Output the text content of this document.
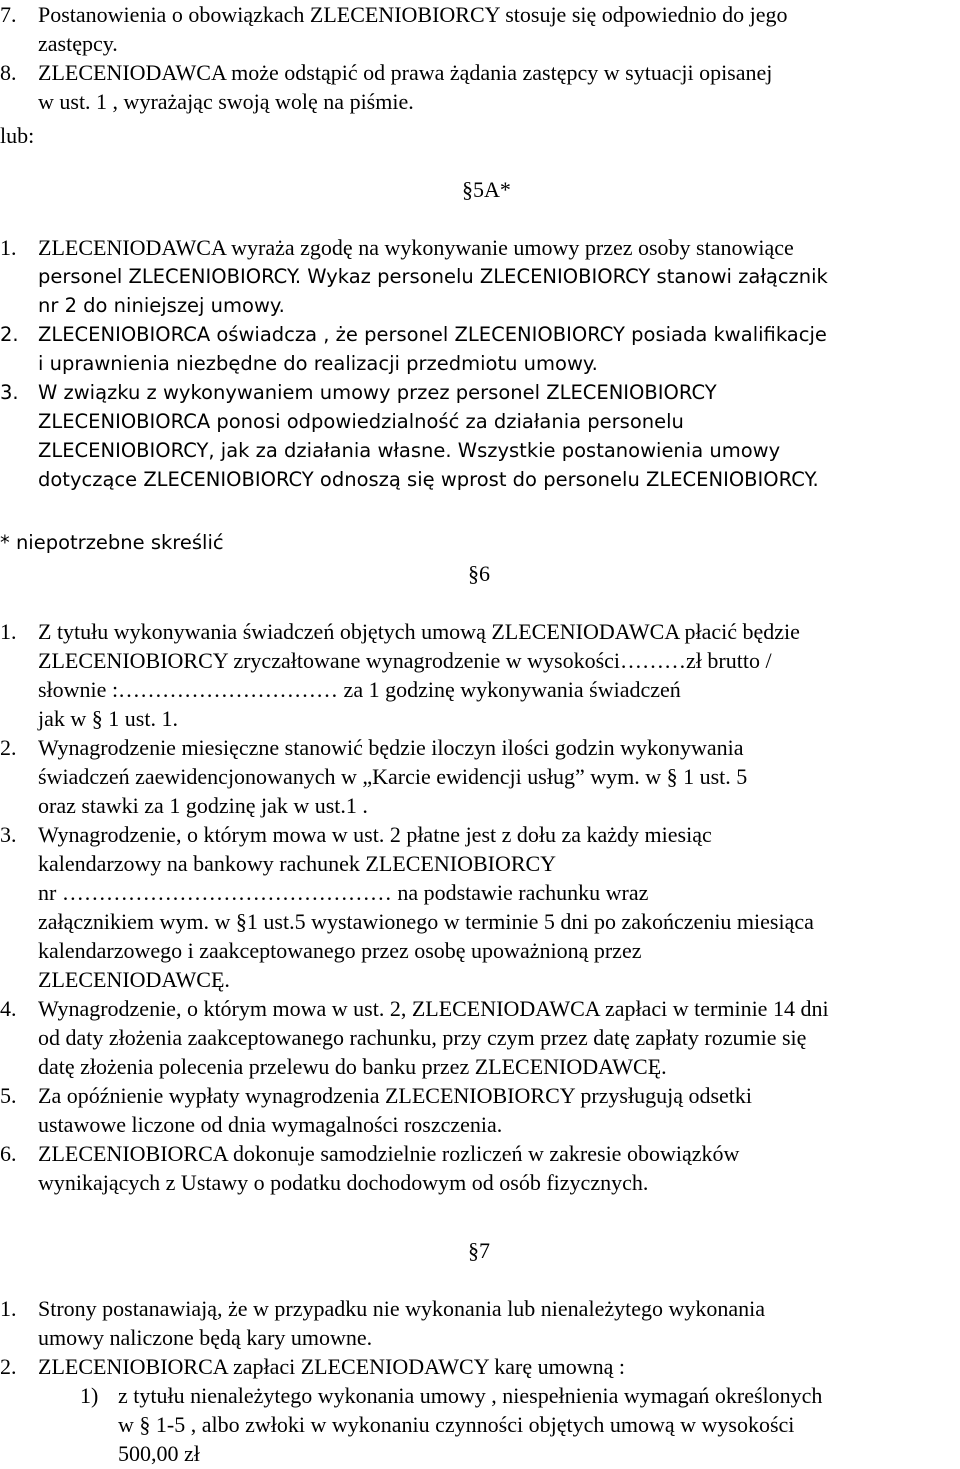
7. Postanowienia o obowiązkach ZLECENIOBIORCY stosuje się odpowiednio do jego
zastępcy.
8. ZLECENIODAWCA może odstąpić od prawa żądania zastępcy w sytuacji opisanej
w ust. 1 , wyrażając swoją wolę na piśmie.
lub:
§5A*
1. ZLECENIODAWCA wyraża zgodę na wykonywanie umowy przez osoby stanowiące
personel ZLECENIOBIORCY. Wykaz personelu ZLECENIOBIORCY stanowi załącznik
nr 2 do niniejszej umowy.
2. ZLECENIOBIORCA oświadcza , że personel ZLECENIOBIORCY posiada kwalifikacje
i uprawnienia niezbędne do realizacji przedmiotu umowy.
3. W związku z wykonywaniem umowy przez personel ZLECENIOBIORCY
ZLECENIOBIORCA ponosi odpowiedzialność za działania personelu
ZLECENIOBIORCY, jak za działania własne. Wszystkie postanowienia umowy
dotyczące ZLECENIOBIORCY odnoszą się wprost do personelu ZLECENIOBIORCY.
* niepotrzebne skreślić
§6
1. Z tytułu wykonywania świadczeń objętych umową ZLECENIODAWCA płacić będzie
ZLECENIOBIORCY zryczałtowane wynagrodzenie w wysokości………zł brutto /
słownie :………………………… za 1 godzinę wykonywania świadczeń
jak w § 1 ust. 1.
2. Wynagrodzenie miesięczne stanowić będzie iloczyn ilości godzin wykonywania
świadczeń zaewidencjonowanych w „Karcie ewidencji usług” wym. w § 1 ust. 5
oraz stawki za 1 godzinę jak w ust.1 .
3. Wynagrodzenie, o którym mowa w ust. 2 płatne jest z dołu za każdy miesiąc
kalendarzowy na bankowy rachunek ZLECENIOBIORCY
nr ……………………………………… na podstawie rachunku wraz
załącznikiem wym. w §1 ust.5 wystawionego w terminie 5 dni po zakończeniu miesiąca
kalendarzowego i zaakceptowanego przez osobę upoważnioną przez
ZLECENIODAWCĘ.
4. Wynagrodzenie, o którym mowa w ust. 2, ZLECENIODAWCA zapłaci w terminie 14 dni
od daty złożenia zaakceptowanego rachunku, przy czym przez datę zapłaty rozumie się
datę złożenia polecenia przelewu do banku przez ZLECENIODAWCĘ.
5. Za opóźnienie wypłaty wynagrodzenia ZLECENIOBIORCY przysługują odsetki
ustawowe liczone od dnia wymagalności roszczenia.
6. ZLECENIOBIORCA dokonuje samodzielnie rozliczeń w zakresie obowiązków
wynikających z Ustawy o podatku dochodowym od osób fizycznych.
§7
1. Strony postanawiają, że w przypadku nie wykonania lub nienależytego wykonania
umowy naliczone będą kary umowne.
2. ZLECENIOBIORCA zapłaci ZLECENIODAWCY karę umowną :
1) z tytułu nienależytego wykonania umowy , niespełnienia wymagań określonych
w § 1-5 , albo zwłoki w wykonaniu czynności objętych umową w wysokości
500,00 zł
